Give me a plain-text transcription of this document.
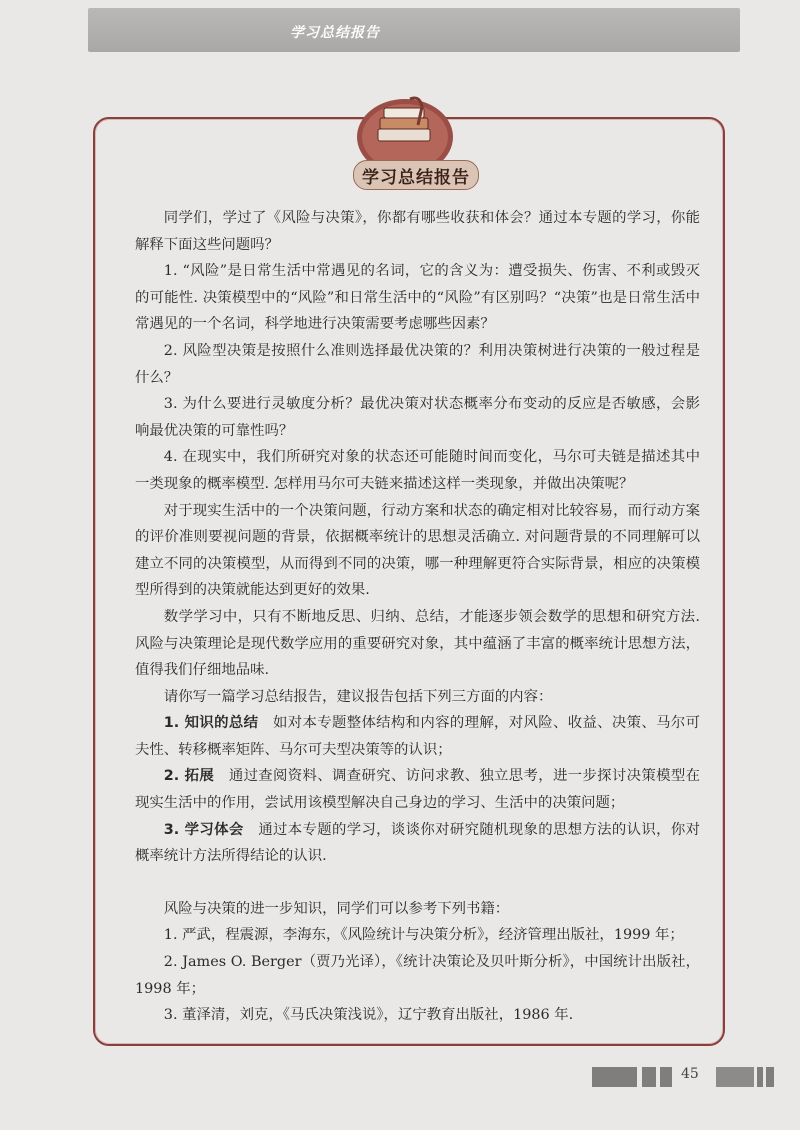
学习总结报告
学习总结报告

同学们，学过了《风险与决策》，你都有哪些收获和体会？通过本专题的学习，你能解释下面这些问题吗？

1. “风险”是日常生活中常遇见的名词，它的含义为：遭受损失、伤害、不利或毁灭的可能性. 决策模型中的“风险”和日常生活中的“风险”有区别吗？“决策”也是日常生活中常遇见的一个名词，科学地进行决策需要考虑哪些因素？

2. 风险型决策是按照什么准则选择最优决策的？利用决策树进行决策的一般过程是什么？

3. 为什么要进行灵敏度分析？最优决策对状态概率分布变动的反应是否敏感，会影响最优决策的可靠性吗？

4. 在现实中，我们所研究对象的状态还可能随时间而变化，马尔可夫链是描述其中一类现象的概率模型. 怎样用马尔可夫链来描述这样一类现象，并做出决策呢？

对于现实生活中的一个决策问题，行动方案和状态的确定相对比较容易，而行动方案的评价准则要视问题的背景，依据概率统计的思想灵活确立. 对问题背景的不同理解可以建立不同的决策模型，从而得到不同的决策，哪一种理解更符合实际背景，相应的决策模型所得到的决策就能达到更好的效果.

数学学习中，只有不断地反思、归纳、总结，才能逐步领会数学的思想和研究方法. 风险与决策理论是现代数学应用的重要研究对象，其中蕴涵了丰富的概率统计思想方法，值得我们仔细地品味.

请你写一篇学习总结报告，建议报告包括下列三方面的内容：

1. 知识的总结　 如对本专题整体结构和内容的理解，对风险、收益、决策、马尔可夫性、转移概率矩阵、马尔可夫型决策等的认识；

2. 拓展　 通过查阅资料、调查研究、访问求教、独立思考，进一步探讨决策模型在现实生活中的作用，尝试用该模型解决自己身边的学习、生活中的决策问题；

3. 学习体会　 通过本专题的学习，谈谈你对研究随机现象的思想方法的认识，你对概率统计方法所得结论的认识.

风险与决策的进一步知识，同学们可以参考下列书籍：

1. 严武，程震源，李海东，《风险统计与决策分析》，经济管理出版社，1999 年；

2. James O. Berger（贾乃光译），《统计决策论及贝叶斯分析》，中国统计出版社，1998 年；

3. 董泽清，刘克，《马氏决策浅说》，辽宁教育出版社，1986 年.

45
